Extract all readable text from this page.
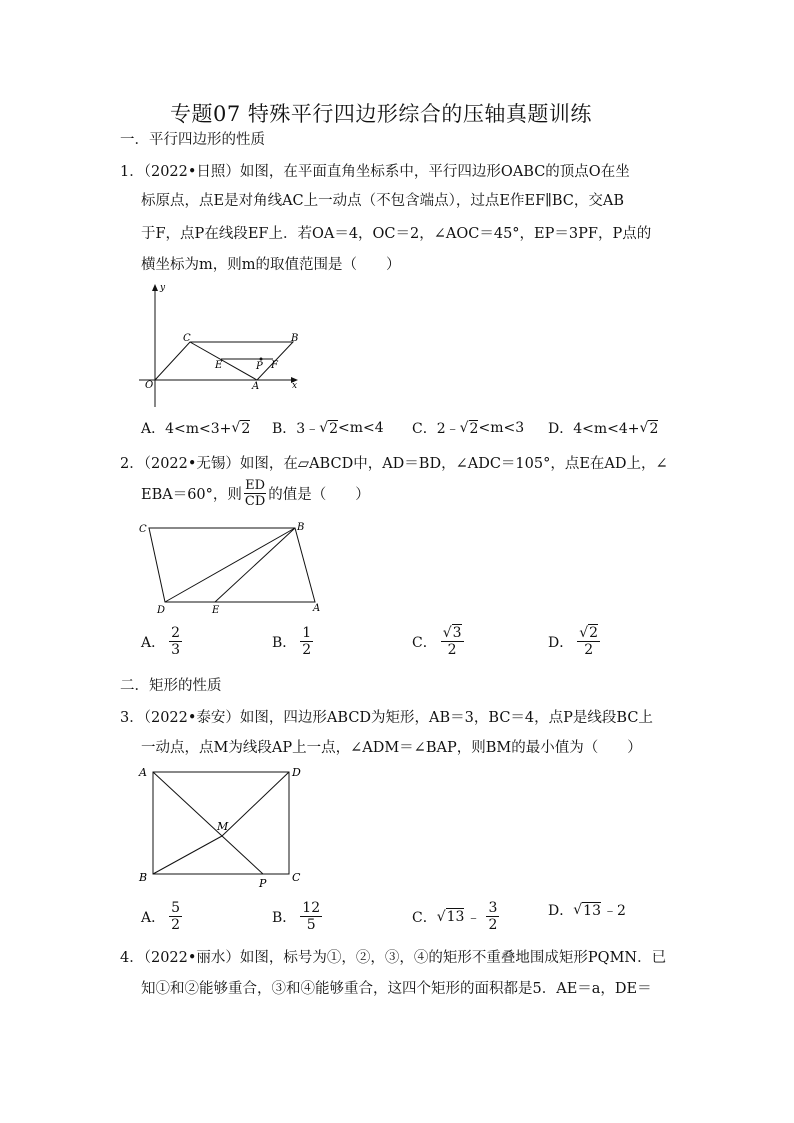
专题07 特殊平行四边形综合的压轴真题训练
一．平行四边形的性质
1．（2022•日照）如图，在平面直角坐标系中，平行四边形OABC的顶点O在坐
标原点，点E是对角线AC上一动点（不包含端点），过点E作EF∥BC，交AB
于F，点P在线段EF上．若OA＝4，OC＝2，∠AOC＝45°，EP＝3PF，P点的
横坐标为m，则m的取值范围是（　　）
y
x
O	A
B
C
E	P F
A．4<m<3+ √ 2 B．3﹣ √ 2 <m<4 C．2﹣ √ 2 <m<3 D．4<m<4+ √ 2
2．（2022•无锡）如图，在▱ABCD中，AD＝BD，∠ADC＝105°，点E在AD上，∠
EBA＝60°，则 $\frac{ED}{CD}$ 的值是（　　）
C	B
D	E	A
A． $\frac{2}{3}$	B． $\frac{1}{2}$	C． $\frac{√3}{2}$	D． $\frac{√2}{2}$
二．矩形的性质
3．（2022•泰安）如图，四边形ABCD为矩形，AB＝3，BC＝4，点P是线段BC上
一动点，点M为线段AP上一点，∠ADM＝∠BAP，则BM的最小值为（　　）
A	D
B	C
M
P
A． $\frac{5}{2}$	B． $\frac{12}{5}$	C． √ 13 ﹣ $\frac{3}{2}$	D． √ 13 ﹣2
4．（2022•丽水）如图，标号为①，②，③，④的矩形不重叠地围成矩形PQMN．已
知①和②能够重合，③和④能够重合，这四个矩形的面积都是5．AE＝a，DE＝
